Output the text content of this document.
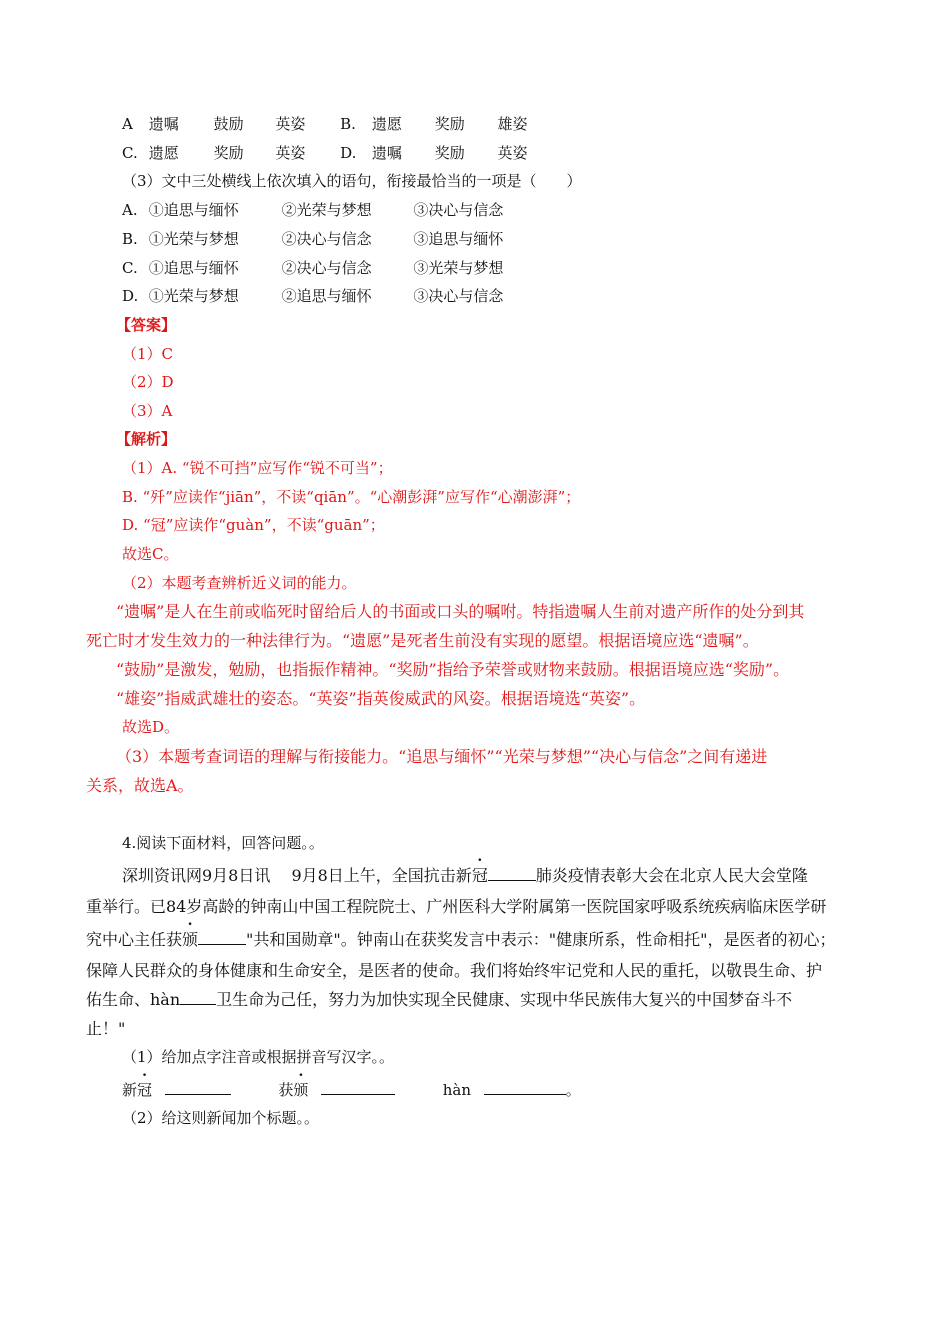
A 遗嘱 鼓励 英姿 B. 遗愿 奖励 雄姿
C. 遗愿 奖励 英姿 D. 遗嘱 奖励 英姿
（3）文中三处横线上依次填入的语句，衔接最恰当的一项是（　　）
A. ①追思与缅怀	②光荣与梦想	③决心与信念
B. ①光荣与梦想	②决心与信念	③追思与缅怀
C. ①追思与缅怀	②决心与信念	③光荣与梦想
D. ①光荣与梦想	②追思与缅怀	③决心与信念
【答案】
（1）C
（2）D
（3）A
【解析】
（1）A. “锐不可挡”应写作“锐不可当”；
B. “歼”应读作“jiān”，不读“qiān”。“心潮彭湃”应写作“心潮澎湃”；
D. “冠”应读作“guàn”，不读“guān”；
故选C。
（2）本题考查辨析近义词的能力。
“遗嘱”是人在生前或临死时留给后人的书面或口头的嘱咐。特指遗嘱人生前对遗产所作的处分到其
死亡时才发生效力的一种法律行为。“遗愿”是死者生前没有实现的愿望。根据语境应选“遗嘱”。
“鼓励”是激发，勉励，也指振作精神。“奖励”指给予荣誉或财物来鼓励。根据语境应选“奖励”。
“雄姿”指威武雄壮的姿态。“英姿”指英俊威武的风姿。根据语境选“英姿”。
故选D。
（3）本题考查词语的理解与衔接能力。“追思与缅怀”“光荣与梦想”“决心与信念”之间有递进
关系，故选A。
4.阅读下面材料，回答问题。。
深圳资讯网9月8日讯　 9月8日上午，全国抗击新冠	肺炎疫情表彰大会在北京人民大会堂隆
重举行。已84岁高龄的钟南山中国工程院院士、广州医科大学附属第一医院国家呼吸系统疾病临床医学研
究中心主任获颁	"共和国勋章"。钟南山在获奖发言中表示："健康所系，性命相托"，是医者的初心；
保障人民群众的身体健康和生命安全，是医者的使命。我们将始终牢记党和人民的重托，以敬畏生命、护
佑生命、hàn 卫生命为己任，努力为加快实现全民健康、实现中华民族伟大复兴的中国梦奋斗不
止！"
（1）给加点字注音或根据拼音写汉字。。
新冠	获颁	hàn	。
（2）给这则新闻加个标题。。
